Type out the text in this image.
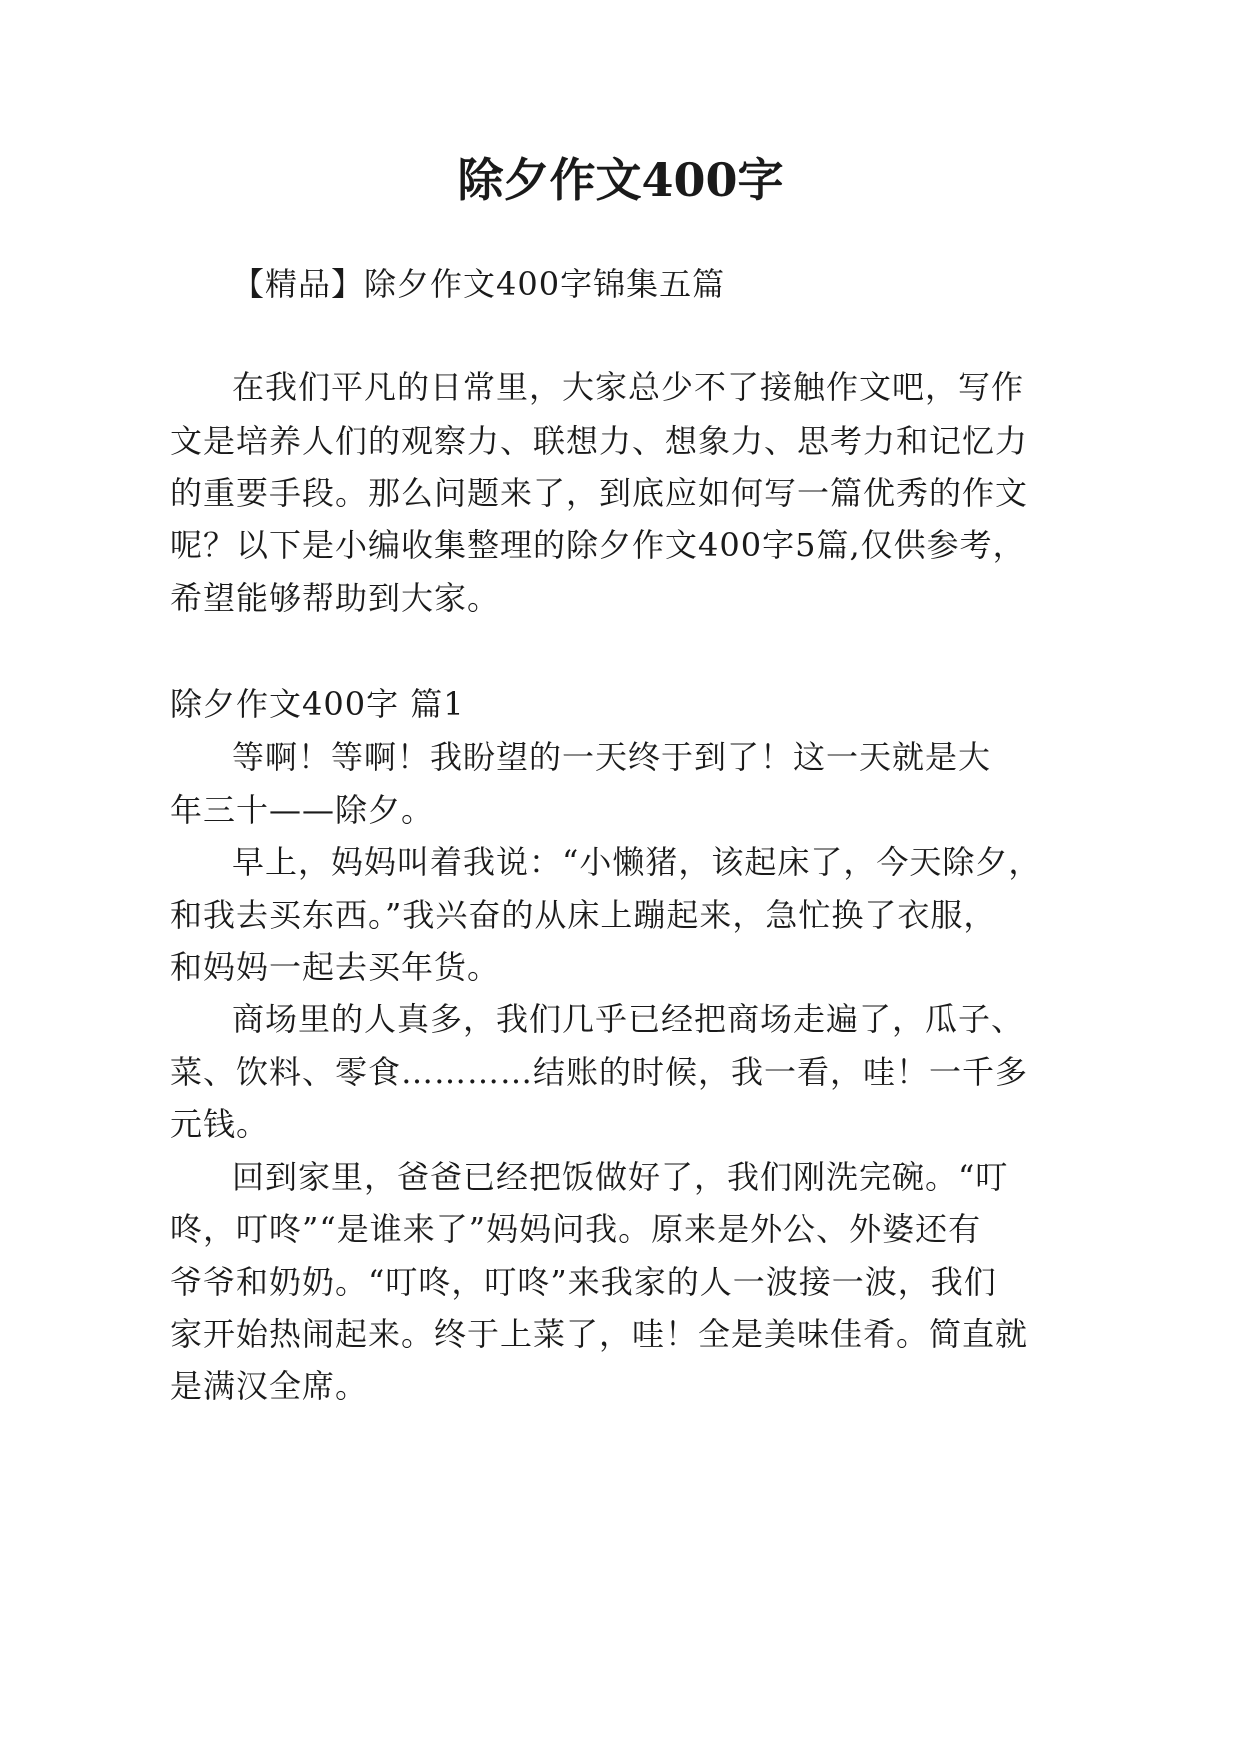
除夕作文400字

【精品】除夕作文400字锦集五篇

在我们平凡的日常里，大家总少不了接触作文吧，写作

文是培养人们的观察力、联想力、想象力、思考力和记忆力

的重要手段。那么问题来了，到底应如何写一篇优秀的作文

呢？以下是小编收集整理的除夕作文400字5篇,仅供参考，

希望能够帮助到大家。

除夕作文400字 篇1

等啊！等啊！我盼望的一天终于到了！这一天就是大

年三十——除夕。

早上，妈妈叫着我说：“小懒猪，该起床了，今天除夕，

和我去买东西。”我兴奋的从床上蹦起来，急忙换了衣服，

和妈妈一起去买年货。

商场里的人真多，我们几乎已经把商场走遍了，瓜子、

菜、饮料、零食…………结账的时候，我一看，哇！一千多

元钱。

回到家里，爸爸已经把饭做好了，我们刚洗完碗。“叮

咚，叮咚”“是谁来了”妈妈问我。原来是外公、外婆还有

爷爷和奶奶。“叮咚，叮咚”来我家的人一波接一波，我们

家开始热闹起来。终于上菜了，哇！全是美味佳肴。简直就

是满汉全席。
